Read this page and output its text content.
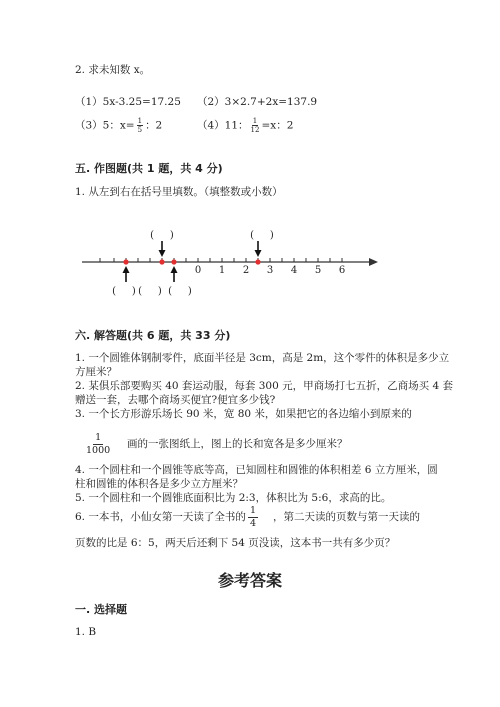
2. 求未知数 x。
（1）5x-3.25=17.25 （2）3×2.7+2x=137.9
（3）5：$x= \frac{1}{5}$ ：2	（4）11： $\frac{1}{12} =x$：2
五. 作图题(共 1 题，共 4 分)
1. 从左到右在括号里填数。（填整数或小数）
0 1 2 3 4 5 6
(     )	(     )
(     ) (     ) (     )
六. 解答题(共 6 题，共 33 分)
1. 一个圆锥体钢制零件，底面半径是 3cm，高是 2m，这个零件的体积是多少立
方厘米？
2. 某俱乐部要购买 40 套运动服，每套 300 元，甲商场打七五折，乙商场买 4 套
赠送一套，去哪个商场买便宜?便宜多少钱?
3. 一个长方形游乐场长 90 米，宽 80 米，如果把它的各边缩小到原来的
$\frac{1}{1000}$ 画的一张图纸上，图上的长和宽各是多少厘米？
4. 一个圆柱和一个圆锥等底等高，已知圆柱和圆锥的体积相差 6 立方厘米，圆
柱和圆锥的体积各是多少立方厘米？
5. 一个圆柱和一个圆锥底面积比为 2:3，体积比为 5:6，求高的比。
6. 一本书，小仙女第一天读了全书的 $\frac{1}{4}$ ，第二天读的页数与第一天读的
页数的比是 6：5，两天后还剩下 54 页没读，这本书一共有多少页？
参考答案
一. 选择题
1. B
